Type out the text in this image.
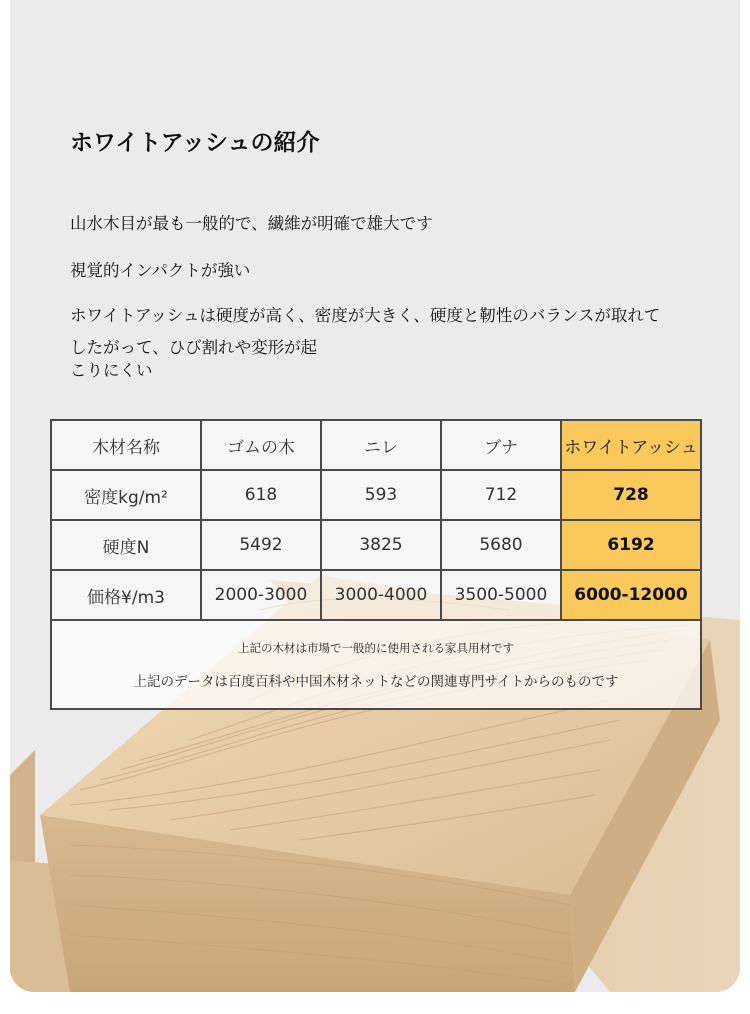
ホワイトアッシュの紹介

山水木目が最も一般的で、繊維が明確で雄大です

視覚的インパクトが強い

ホワイトアッシュは硬度が高く、密度が大きく、硬度と靭性のバランスが取れて

したがって、ひび割れや変形が起
こりにくい

木材名称	ゴムの木	ニレ	ブナ	ホワイトアッシュ
密度kg/m²	618	593	712	728
硬度N	5492	3825	5680	6192
価格¥/m3	2000-3000	3000-4000	3500-5000	6000-12000

上記の木材は市場で一般的に使用される家具用材です
上記のデータは百度百科や中国木材ネットなどの関連専門サイトからのものです				
